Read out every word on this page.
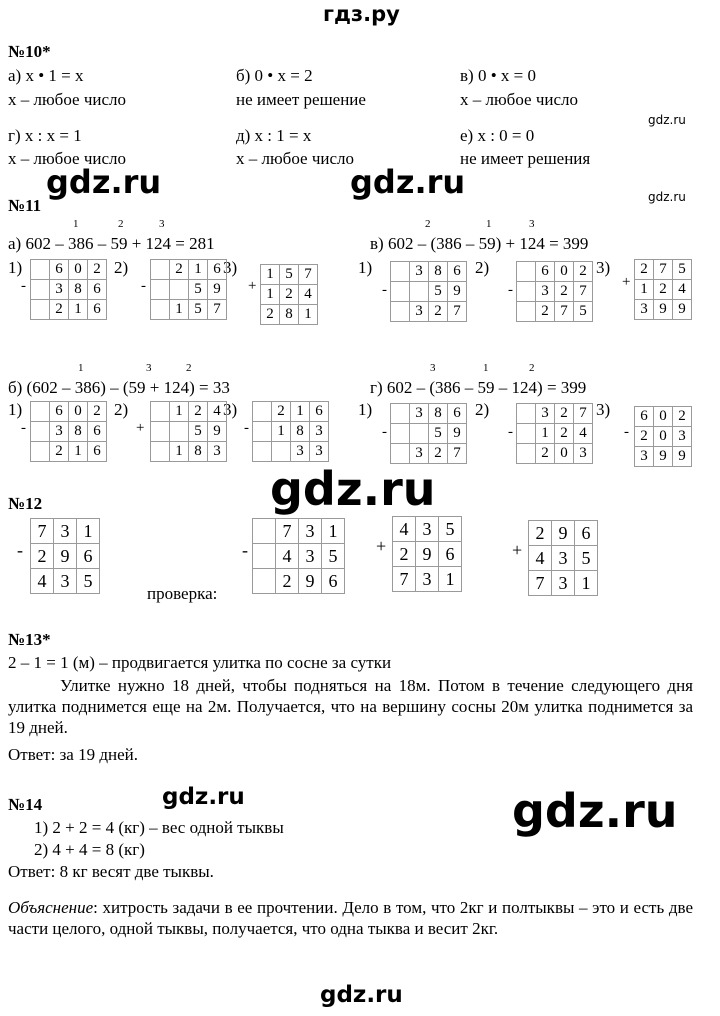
гдз.ру
№10*
а) x • 1 = x
x – любое число
б) 0 • x = 2
не имеет решение
в) 0 • x = 0
x – любое число
г) x : x = 1
x – любое число
д) x : 1 = x
x – любое число
е) x : 0 = 0
не имеет решения
gdz.ru
gdz.ru	gdz.ru	gdz.ru
№11
1	2	3
а) 602 – 386 – 59 + 124 = 281
2	1	3
в) 602 – (386 – 59) + 124 = 399
1)	2)	3)	1)	2)	3)
-
	6	0	2
	3	8	6
	2	1	6
-
	2	1	6
		5	9
	1	5	7
+
1	5	7
1	2	4
2	8	1
-
	3	8	6
		5	9
	3	2	7
-
	6	0	2
	3	2	7
	2	7	5
+
2	7	5
1	2	4
3	9	9
1	3	2
б) (602 – 386) – (59 + 124) = 33
3	1	2
г) 602 – (386 – 59 – 124) = 399
1)	2)	3)	1)	2)	3)
-
	6	0	2
	3	8	6
	2	1	6
+
	1	2	4
		5	9
	1	8	3
-
	2	1	6
	1	8	3
		3	3
-
	3	8	6
		5	9
	3	2	7
-
	3	2	7
	1	2	4
	2	0	3
-
6	0	2
2	0	3
3	9	9
№12	gdz.ru
-
7	3	1
2	9	6
4	3	5
проверка:
-
	7	3	1
	4	3	5
	2	9	6
+
4	3	5
2	9	6
7	3	1
+
2	9	6
4	3	5
7	3	1
№13*
2 – 1 = 1 (м) – продвигается улитка по сосне за сутки
Улитке нужно 18 дней, чтобы подняться на 18м. Потом в течение следующего дня улитка поднимется еще на 2м. Получается, что на вершину сосны 20м улитка поднимется за 19 дней.
Ответ: за 19 дней.
№14	gdz.ru	gdz.ru
1) 2 + 2 = 4 (кг) – вес одной тыквы
2) 4 + 4 = 8 (кг)
Ответ: 8 кг весят две тыквы.
Объяснение: хитрость задачи в ее прочтении. Дело в том, что 2кг и полтыквы – это и есть две части целого, одной тыквы, получается, что одна тыква и весит 2кг.
gdz.ru
